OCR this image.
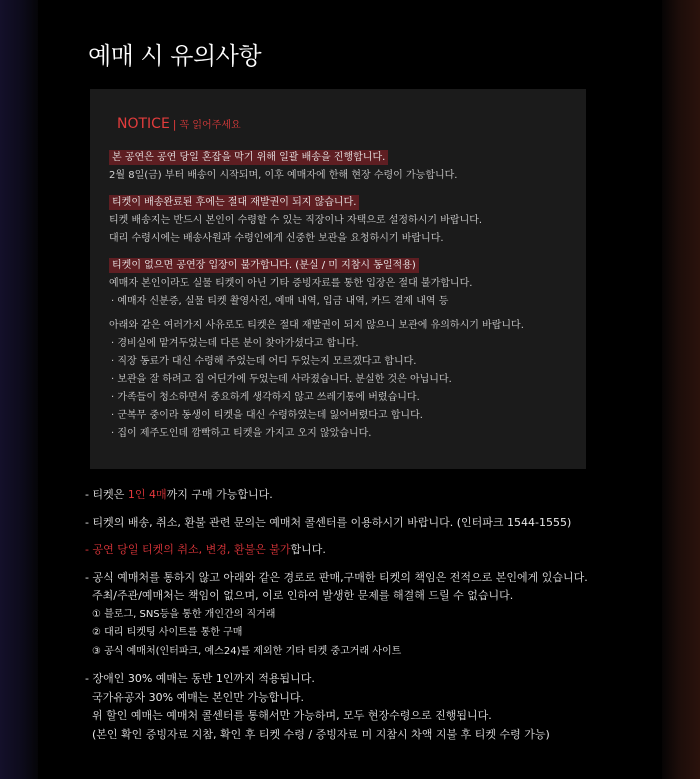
예매 시 유의사항
NOTICE | 꼭 읽어주세요
본 공연은 공연 당일 혼잡을 막기 위해 일괄 배송을 진행합니다.
2월 8일(금) 부터 배송이 시작되며, 이후 예매자에 한해 현장 수령이 가능합니다.
티켓이 배송완료된 후에는 절대 재발권이 되지 않습니다.
티켓 배송지는 반드시 본인이 수령할 수 있는 직장이나 자택으로 설정하시기 바랍니다.
대리 수령시에는 배송사원과 수령인에게 신중한 보관을 요청하시기 바랍니다.
티켓이 없으면 공연장 입장이 불가합니다. (분실 / 미 지참시 동일적용)
예매자 본인이라도 실물 티켓이 아닌 기타 증빙자료를 통한 입장은 절대 불가합니다.
· 예매자 신분증, 실물 티켓 촬영사진, 예매 내역, 입금 내역, 카드 결제 내역 등
아래와 같은 여러가지 사유로도 티켓은 절대 재발권이 되지 않으니 보관에 유의하시기 바랍니다.
· 경비실에 맡겨두었는데 다른 분이 찾아가셨다고 합니다.
· 직장 동료가 대신 수령해 주었는데 어디 두었는지 모르겠다고 합니다.
· 보관을 잘 하려고 집 어딘가에 두었는데 사라졌습니다. 분실한 것은 아닙니다.
· 가족들이 청소하면서 중요하게 생각하지 않고 쓰레기통에 버렸습니다.
· 군복무 중이라 동생이 티켓을 대신 수령하였는데 잃어버렸다고 합니다.
· 집이 제주도인데 깜빡하고 티켓을 가지고 오지 않았습니다.
- 티켓은 1인 4매까지 구매 가능합니다.
- 티켓의 배송, 취소, 환불 관련 문의는 예매처 콜센터를 이용하시기 바랍니다. (인터파크 1544-1555)
- 공연 당일 티켓의 취소, 변경, 환불은 불가합니다.
- 공식 예매처를 통하지 않고 아래와 같은 경로로 판매,구매한 티켓의 책임은 전적으로 본인에게 있습니다.
주최/주관/예매처는 책임이 없으며, 이로 인하여 발생한 문제를 해결해 드릴 수 없습니다.
① 블로그, SNS등을 통한 개인간의 직거래
② 대리 티켓팅 사이트를 통한 구매
③ 공식 예매처(인터파크, 예스24)를 제외한 기타 티켓 중고거래 사이트
- 장애인 30% 예매는 동반 1인까지 적용됩니다.
국가유공자 30% 예매는 본인만 가능합니다.
위 할인 예매는 예매처 콜센터를 통해서만 가능하며, 모두 현장수령으로 진행됩니다.
(본인 확인 증빙자료 지참, 확인 후 티켓 수령 / 증빙자료 미 지참시 차액 지불 후 티켓 수령 가능)
